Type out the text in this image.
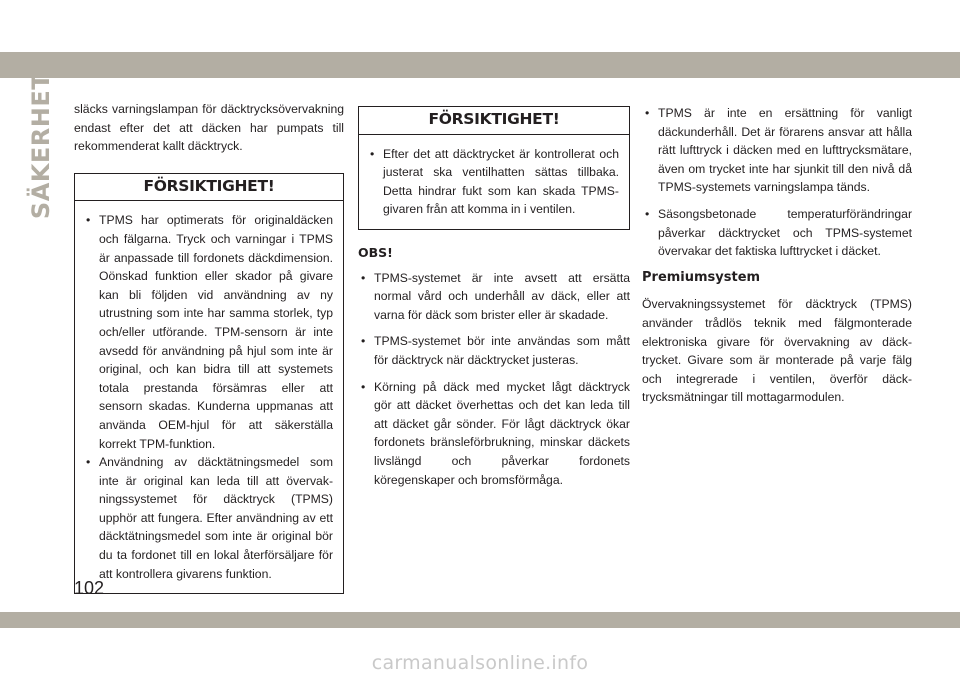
SÄKERHET släcks varningslampan för däcktrycksövervakning endast efter det att däcken har pumpats till rekommenderat kallt däcktryck.

FÖRSIKTIGHET!
• TPMS har optimerats för originaldäcken och fälgarna. Tryck och varningar i TPMS är anpassade till fordonets däckdimension. Oönskad funktion eller skador på givare kan bli följden vid användning av ny utrustning som inte har samma storlek, typ och/eller utförande. TPM-sensorn är inte avsedd för användning på hjul som inte är original, och kan bidra till att systemets totala prestanda försämras eller att sensorn skadas. Kunderna uppmanas att använda OEM-hjul för att säkerställa korrekt TPM-funktion.
• Användning av däcktätningsmedel som inte är original kan leda till att övervakningssystemet för däcktryck (TPMS) upphör att fungera. Efter användning av ett däcktätningsmedel som inte är original bör du ta fordonet till en lokal återförsäljare för att kontrollera givarens funktion.
FÖRSIKTIGHET!
• Efter det att däcktrycket är kontrollerat och justerat ska ventilhatten sättas tillbaka. Detta hindrar fukt som kan skada TPMS-givaren från att komma in i ventilen.
OBS!
• TPMS-systemet är inte avsett att ersätta normal vård och underhåll av däck, eller att varna för däck som brister eller är skadade.
• TPMS-systemet bör inte användas som mått för däcktryck när däcktrycket justeras.
• Körning på däck med mycket lågt däcktryck gör att däcket överhettas och det kan leda till att däcket går sönder. För lågt däcktryck ökar fordonets bränsleförbrukning, minskar däckets livslängd och påverkar fordonets köregenskaper och bromsförmåga.
• TPMS är inte en ersättning för vanligt däckunderhåll. Det är förarens ansvar att hålla rätt lufttryck i däcken med en lufttrycksmätare, även om trycket inte har sjunkit till den nivå då TPMS-systemets varningslampa tänds.
• Säsongsbetonade temperaturförändringar påverkar däcktrycket och TPMS-systemet övervakar det faktiska lufttrycket i däcket.
Premiumsystem

Övervakningssystemet för däcktryck (TPMS) använder trådlös teknik med fälgmonterade elektroniska givare för övervakning av däcktrycket. Givare som är monterade på varje fälg och integrerade i ventilen, överför däcktrycksmätningar till mottagarmodulen.

102
carmanualsonline.info
